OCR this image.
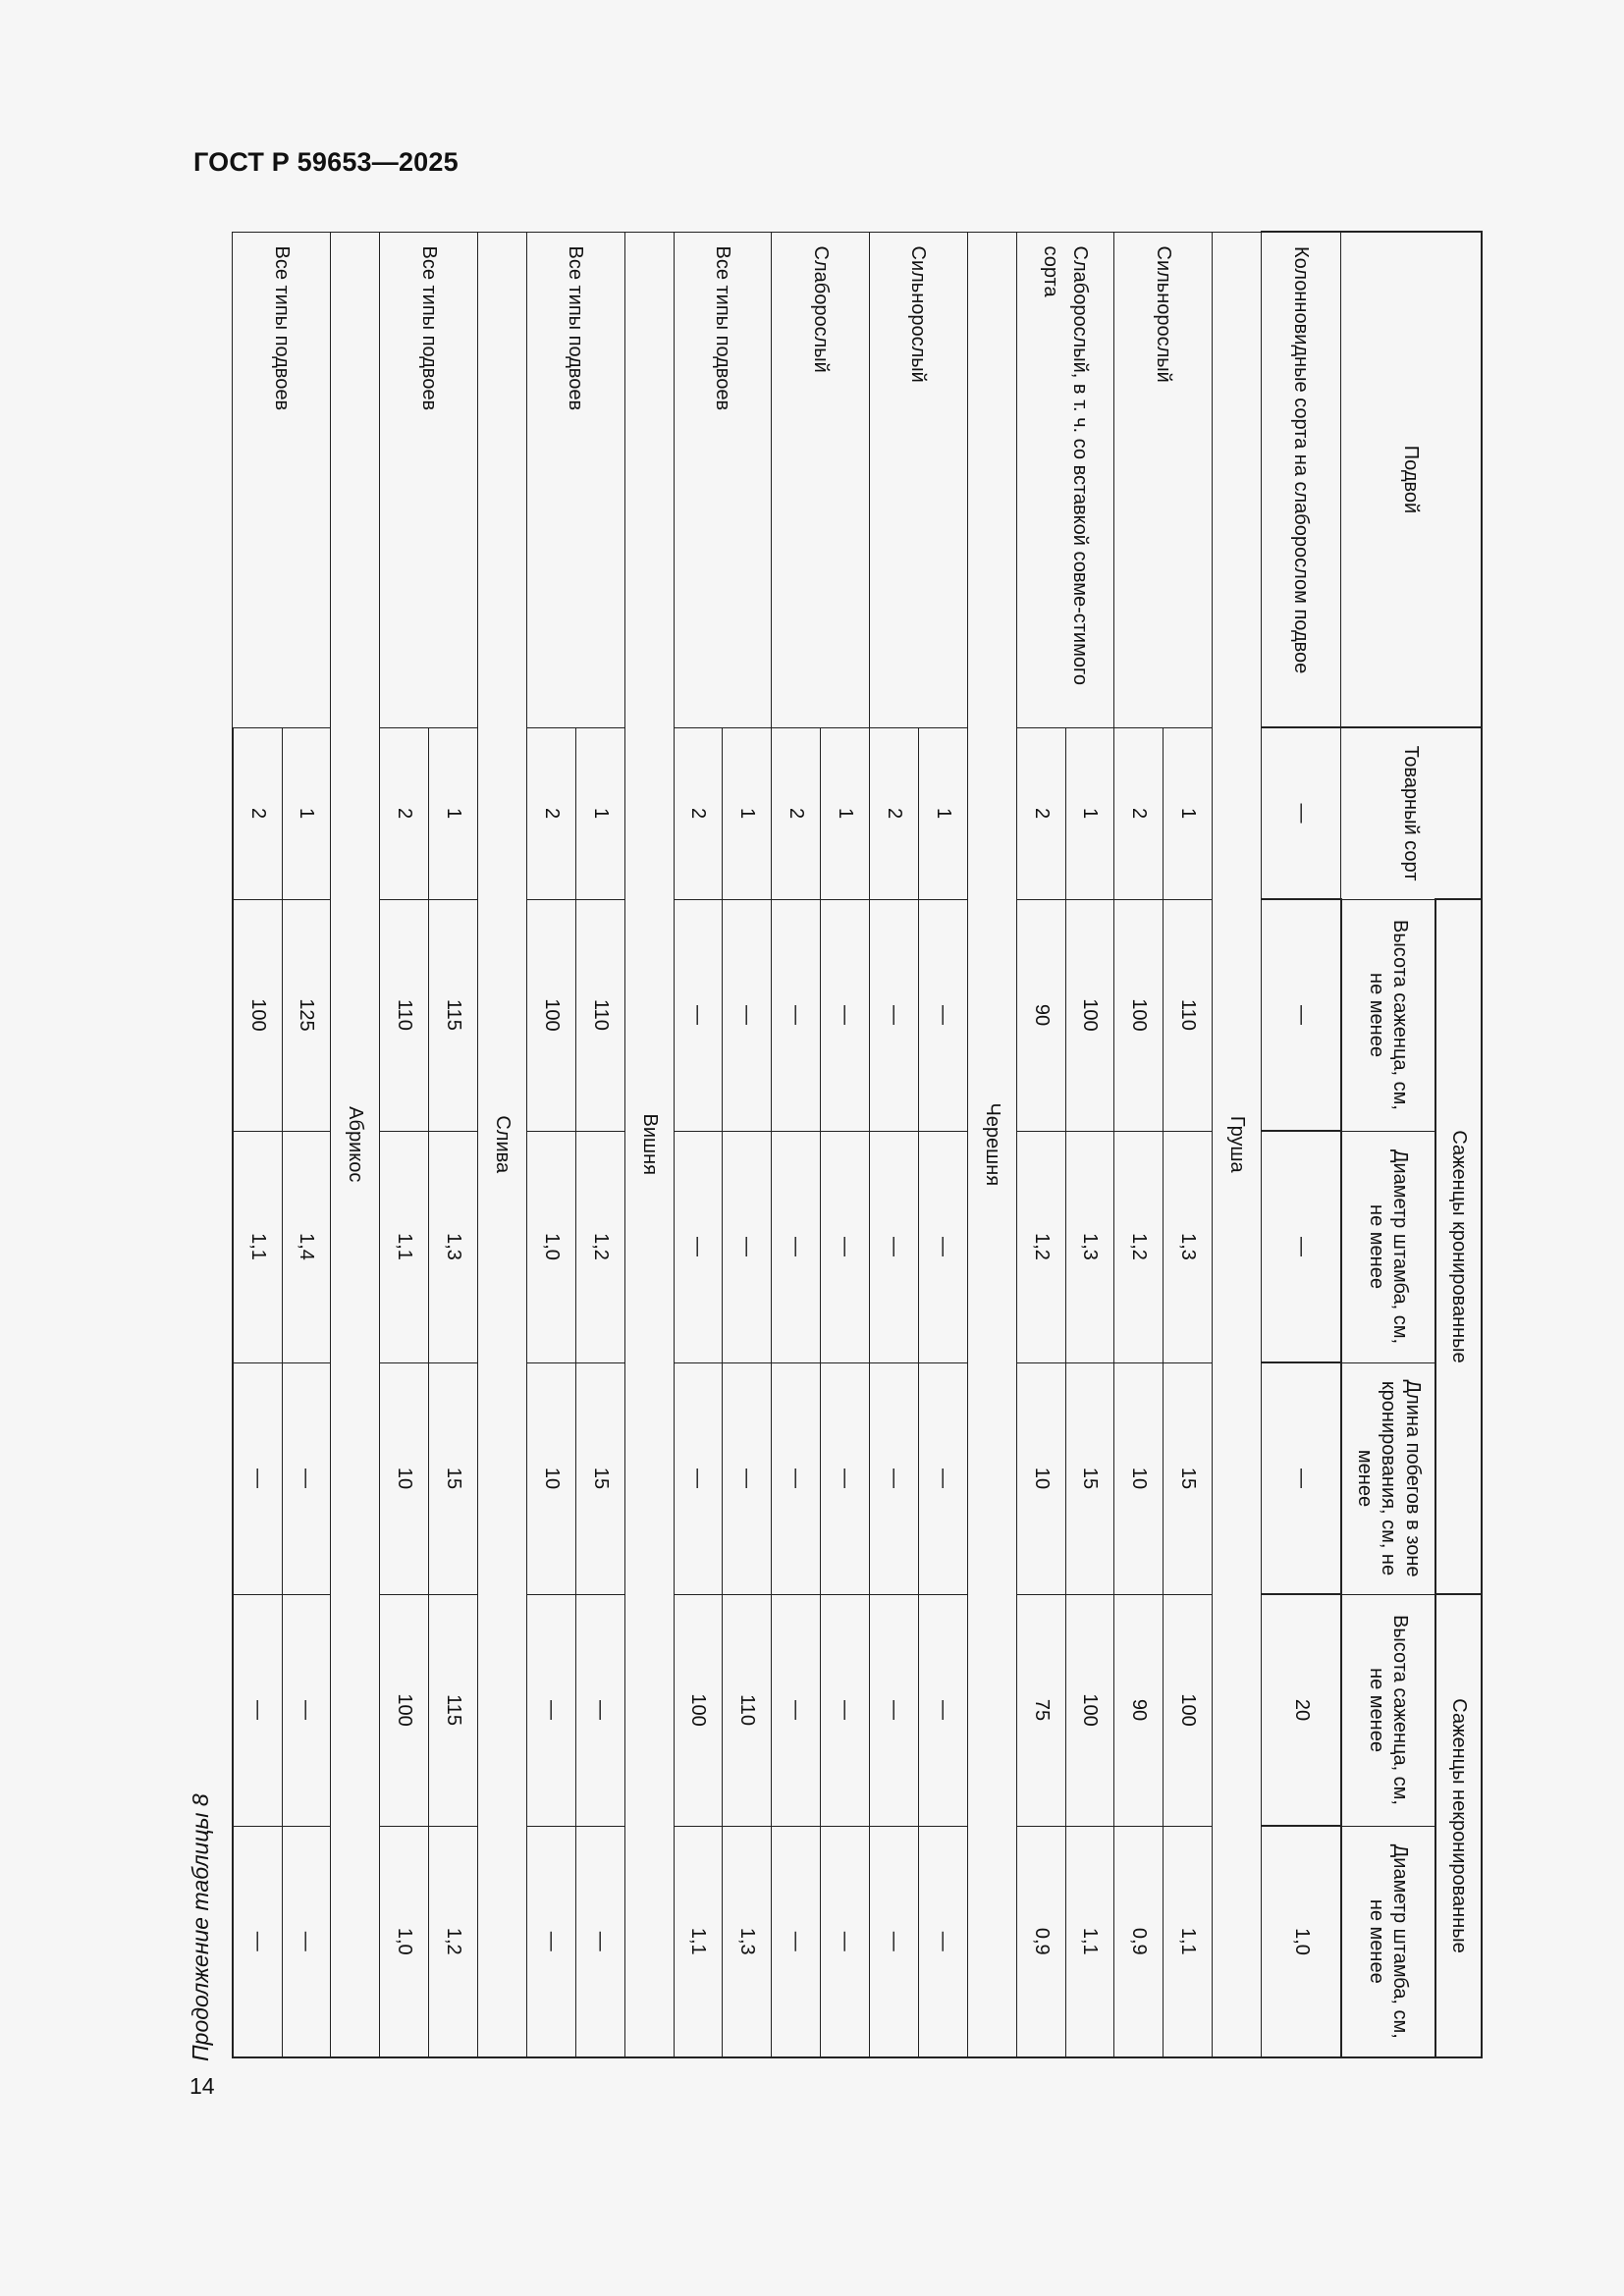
ГОСТ Р 59653—2025
14
Продолжение таблицы 8
Подвой	Товарный сорт	Саженцы кронированные			Саженцы некронированные	
		Высота саженца, см, не менее	Диаметр штамба, см, не менее	Длина побегов в зоне кронирования, см, не менее	Высота саженца, см, не менее	Диаметр штамба, см, не менее
Колонновидные сорта на слаборослом подвое	—	—	—	—	20	1,0
Груша						
Сильнорослый	1	110	1,3	15	100	1,1
	2	100	1,2	10	90	0,9
Слаборослый, в т. ч. со вставкой совме-стимого сорта	1	100	1,3	15	100	1,1
	2	90	1,2	10	75	0,9
Черешня						
Сильнорослый	1	—	—	—	—	—
	2	—	—	—	—	—
Слаборослый	1	—	—	—	—	—
	2	—	—	—	—	—
Все типы подвоев	1	—	—	—	110	1,3
	2	—	—	—	100	1,1
Вишня						
Все типы подвоев	1	110	1,2	15	—	—
	2	100	1,0	10	—	—
Слива						
Все типы подвоев	1	115	1,3	15	115	1,2
	2	110	1,1	10	100	1,0
Абрикос						
Все типы подвоев	1	125	1,4	—	—	—
	2	100	1,1	—	—	—
